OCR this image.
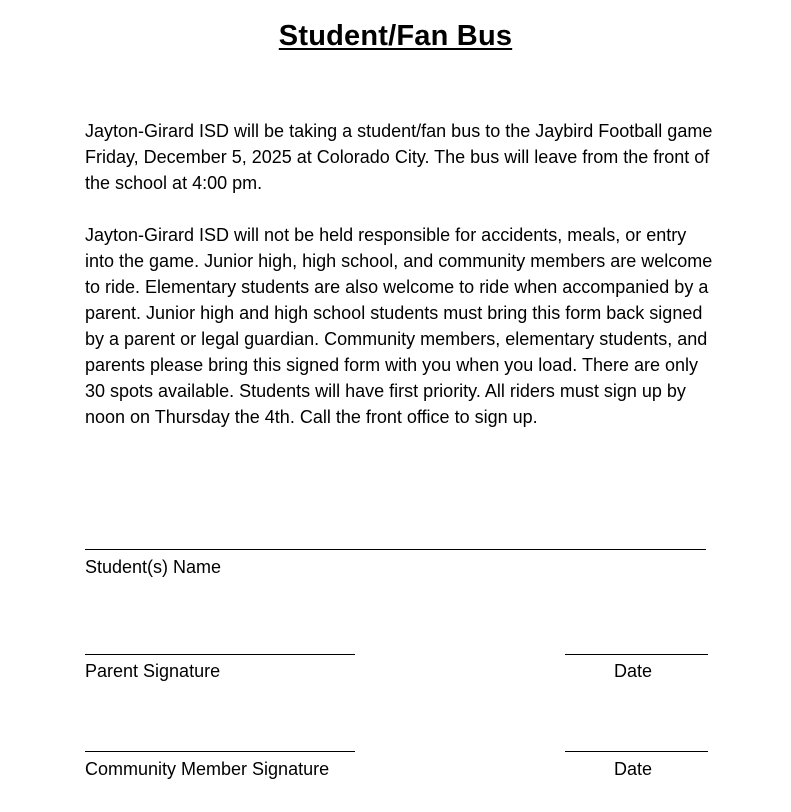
Student/Fan Bus

Jayton-Girard ISD will be taking a student/fan bus to the Jaybird Football game Friday, December 5, 2025 at Colorado City. The bus will leave from the front of the school at 4:00 pm.

Jayton-Girard ISD will not be held responsible for accidents, meals, or entry into the game. Junior high, high school, and community members are welcome to ride. Elementary students are also welcome to ride when accompanied by a parent. Junior high and high school students must bring this form back signed by a parent or legal guardian. Community members, elementary students, and parents please bring this signed form with you when you load. There are only 30 spots available. Students will have first priority. All riders must sign up by noon on Thursday the 4th. Call the front office to sign up.

Student(s) Name
Parent Signature	Date
Community Member Signature	Date
